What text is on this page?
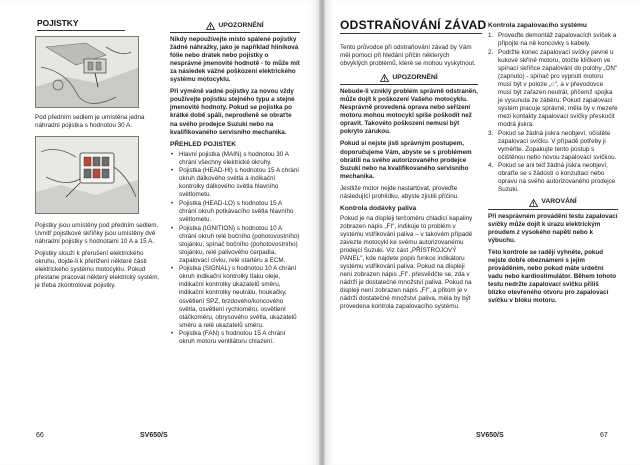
POJISTKY

Pod předním sedlem je umístěna jedna náhradní pojistka s hodnotou 30 A.

Pojistky jsou umístěny pod předním sedlem. Uvnitř pojistkové skříňky jsou umístěny dvě náhradní pojistky s hodnotami 10 A a 15 A.

Pojistky slouží k přerušení elektrického okruhu, dojde-li k přetížení některé části elektrického systému motocyklu. Pokud přestane pracovat některý elektrický systém, je třeba zkontrolovat pojistky.

UPOZORNĚNÍ

Nikdy nepoužívejte místo spálené pojistky žádné náhražky, jako je například hliníková fólie nebo drátek nebo pojistky o nesprávné jmenovité hodnotě - to může mít za následek vážné poškození elektrického systému motocyklu.

Při výměně vadné pojistky za novou vždy používejte pojistku stejného typu a stejné jmenovité hodnoty. Pokud se pojistka po krátké době spálí, neprodleně se obraťte na svého prodejce Suzuki nebo na kvalifikovaného servisního mechanika.

PŘEHLED POJISTEK
• Hlavní pojistka (MAIN) s hodnotou 30 A chrání všechny elektrické okruhy.
• Pojistka (HEAD-HI) s hodnotou 15 A chrání okruh dálkového světla a indikační kontrolky dálkového světla hlavního světlometu.
• Pojistka (HEAD-LO) s hodnotou 15 A chrání okruh potkávacího světla hlavního světlometu.
• Pojistka (IGNITION) s hodnotou 10 A chrání okruh relé bočního (pohotovostního) stojánku, spínač bočního (pohotovostního) stojánku, relé palivového čerpadla, zapalovací cívku, relé startéru a ECM.
• Pojistka (SIGNAL) s hodnotou 10 A chrání okruh indikační kontrolky tlaku oleje, indikační kontrolky ukazatelů směru, indikační kontrolky neutrálu, houkačky, osvětlení SPZ, brzdového/koncového světla, osvětlení rychloměru, osvětlení otáčkoměru, obrysového světla, ukazatelů směru a relé ukazatelů směru.
• Pojistka (FAN) s hodnotou 15 A chrání okruh motoru ventilátoru chlazení.
66	SV650/S
ODSTRAŇOVÁNÍ ZÁVAD

Tento průvodce při odstraňování závad by Vám měl pomoci při hledání příčin některých obvyklých problémů, které se mohou vyskytnout.

UPOZORNĚNÍ

Nebude-li vzniklý problém správně odstraněn, může dojít k poškození Vašeho motocyklu. Nesprávně provedená oprava nebo seřízení motoru mohou motocykl spíše poškodit než opravit. Takovéto poškození nemusí být pokryto zárukou.

Pokud si nejste jisti správným postupem, doporučujeme Vám, abyste se s problémem obrátili na svého autorizovaného prodejce Suzuki nebo na kvalifikovaného servisního mechanika.

Jestliže motor nejde nastartovat, proveďte následující prohlídku, abyste zjistili příčinu.

Kontrola dodávky paliva

Pokud je na displeji terčoměru chladicí kapaliny zobrazen nápis „FI", indikuje to problém v systému vstřikování paliva – v takovém případě zavezte motocykl ke svému autorizovanému prodejci Suzuki. Viz část „PŘÍSTROJOVÝ PANEL", kde najdete popis funkce indikátoru systému vstřikování paliva. Pokud na displeji není zobrazen nápis „FI", přesvědčte se, zda v nádrži je dostatečné množství paliva. Pokud na displeji není zobrazen nápis „FI", a přitom je v nádrži dostatečné množství paliva, měla by být provedena kontrola zapalovacího systému.

Kontrola zapalovacího systému
1. Proveďte demontáž zapalovacích svíček a připojte na ně koncovky s kabely.
2. Podržte konec zapalovací svíčky pevně u kukové skříně motoru, otočte klíčkem ve spínací skříňce zapalování do polohy „ON" (zapnuto) - spínač pro vypnutí motoru musí být v poloze „○", a v převodovce musí být zařazen neutrál, přičemž spojka je vysunuta ze záběru. Pokud zapalovací systém pracuje správně, měla by v mezeře mezi kontakty zapalovací svíčky přeskočit modrá jiskra.
3. Pokud se žádná jiskra neobjeví, očistěte zapalovací svíčku. V případě potřeby ji vyměňte. Zopakujte tento postup s očištěnou nebo novou zapalovací svíčkou.
4. Pokud se ani teď žádná jiskra neobjeví, obraťte se s žádostí o konzultaci nebo opravu na svého autorizovaného prodejce Suzuki.
VAROVÁNÍ

Při nesprávném provádění testu zapalovací svíčky může dojít k úrazu elektrickým proudem z vysokého napětí nebo k výbuchu.

Této kontrole se raději vyhněte, pokud nejste dobře obeznámeni s jejím prováděním, nebo pokud máte srdeční vadu nebo kardiostimulátor. Během tohoto testu nedržte zapalovací svíčku příliš blízko otevřeného otvoru pro zapalovací svíčku v bloku motoru.

SV650/S	67
